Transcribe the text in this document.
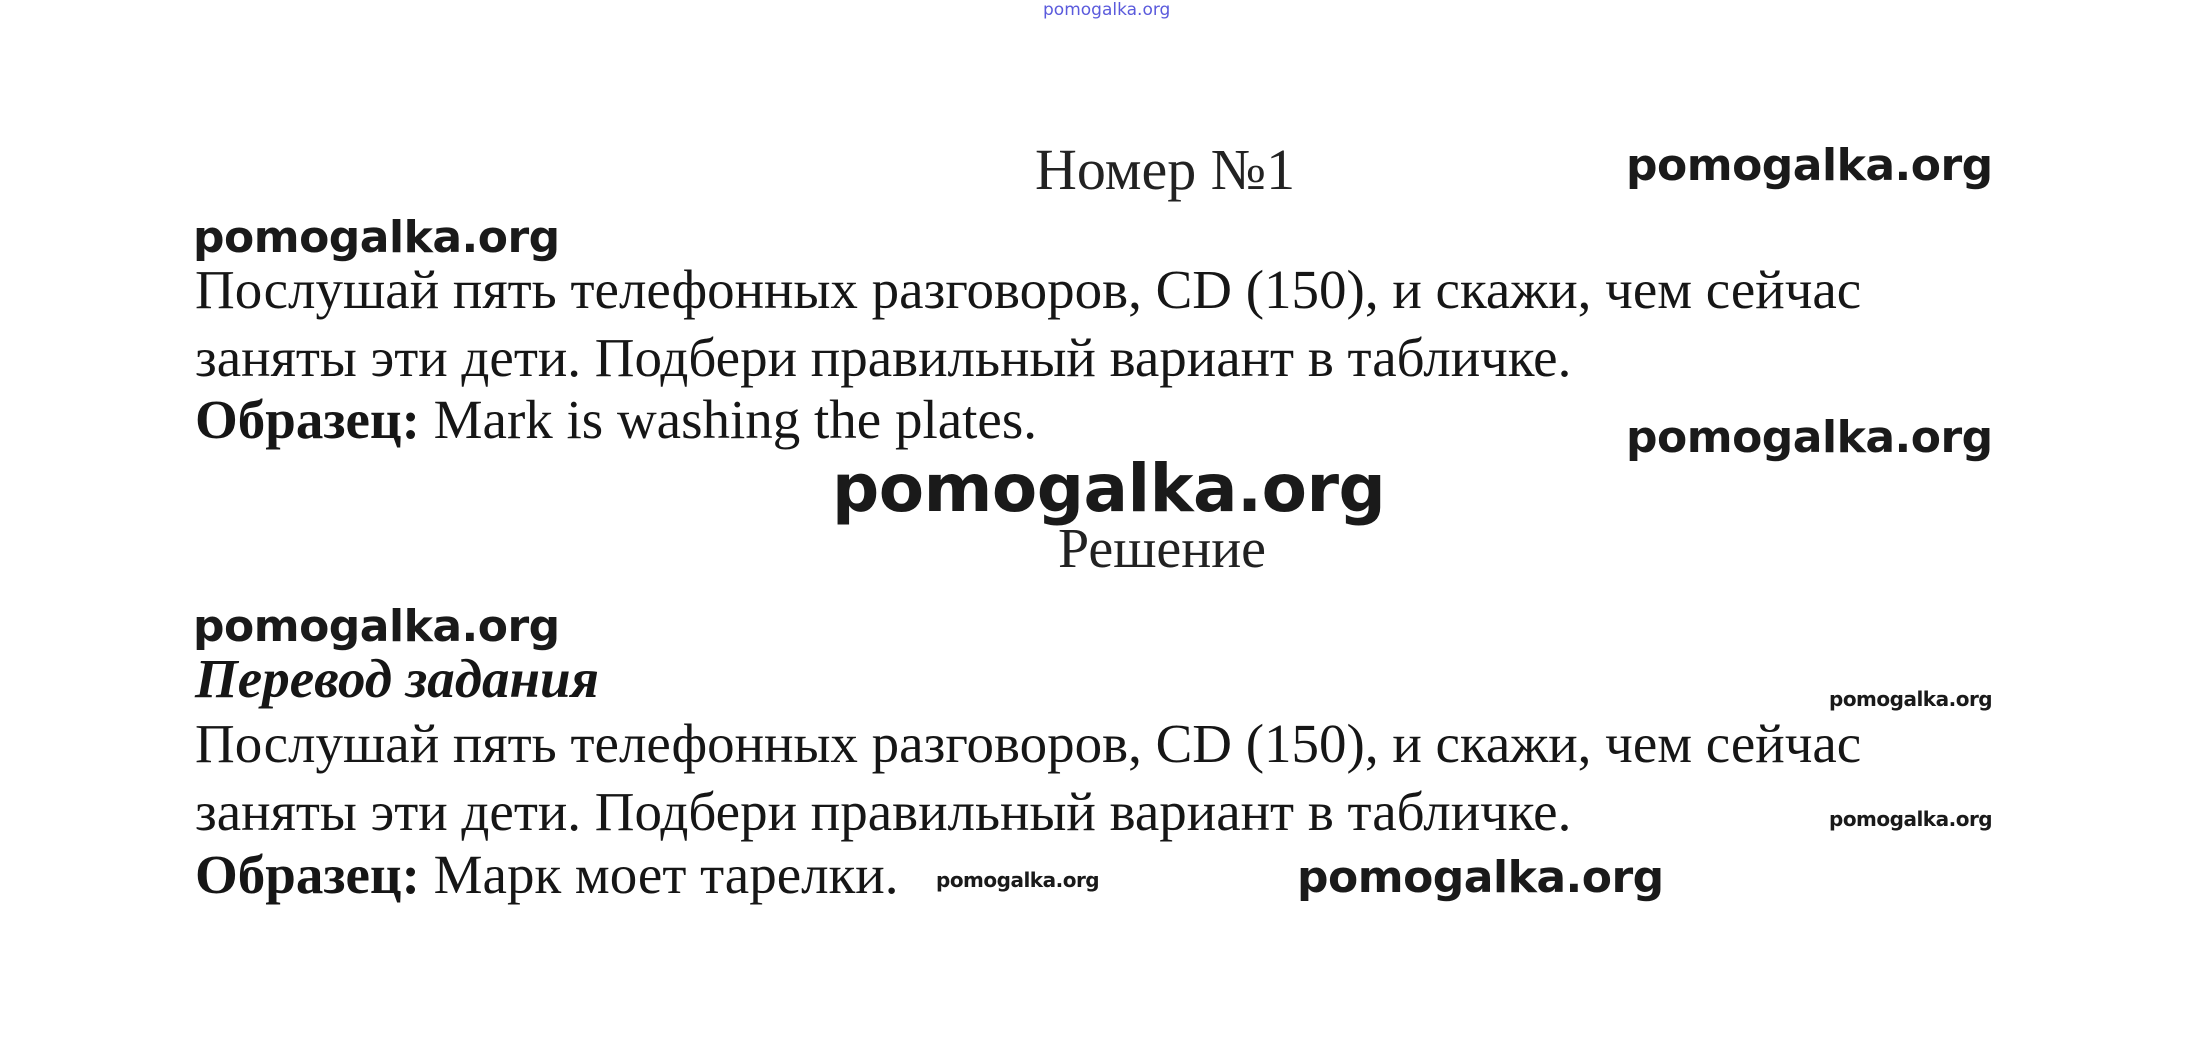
pomogalka.org
Номер №1	pomogalka.org
pomogalka.org

Послушай пять телефонных разговоров, CD (150), и скажи, чем сейчас

заняты эти дети. Подбери правильный вариант в табличке.

Образец: Mark is washing the plates.	pomogalka.org
pomogalka.org
Решение
pomogalka.org
Перевод задания	pomogalka.org

Послушай пять телефонных разговоров, CD (150), и скажи, чем сейчас

заняты эти дети. Подбери правильный вариант в табличке.	pomogalka.org
Образец: Марк моет тарелки. pomogalka.org	pomogalka.org
